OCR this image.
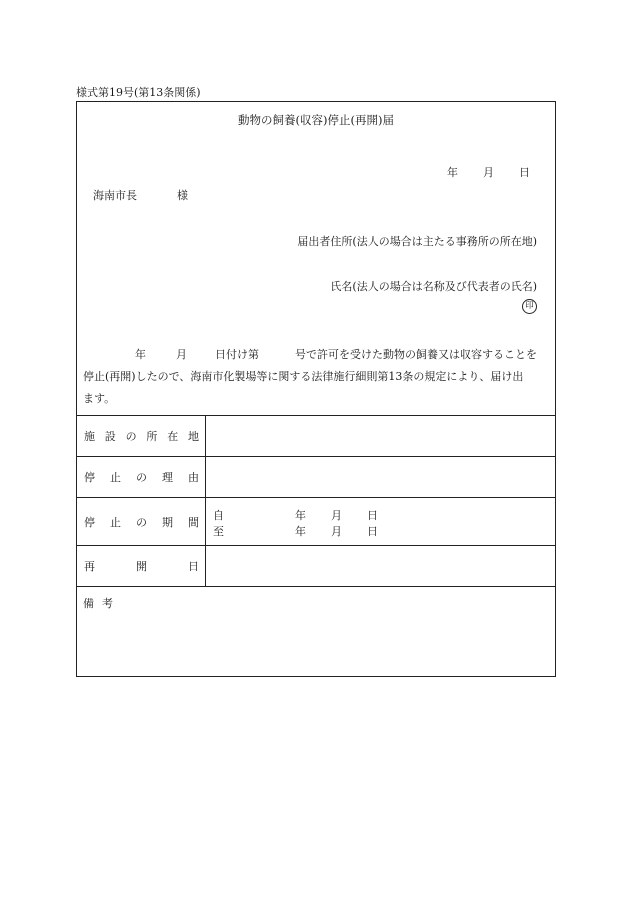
様式第19号(第13条関係)
動物の飼養(収容)停止(再開)届
年 月 日
海南市長	様
届出者住所(法人の場合は主たる事務所の所在地)
氏名(法人の場合は名称及び代表者の氏名)
印
年	月	日付け第	号で許可を受けた動物の飼養又は収容することを
停止(再開)したので、海南市化製場等に関する法律施行細則第13条の規定により、届け出
ます。
施 設 の 所 在 地
停 止 の 理 由
停 止 の 期 間 自	年 月 日
至	年 月 日
再	開	日
備 考
